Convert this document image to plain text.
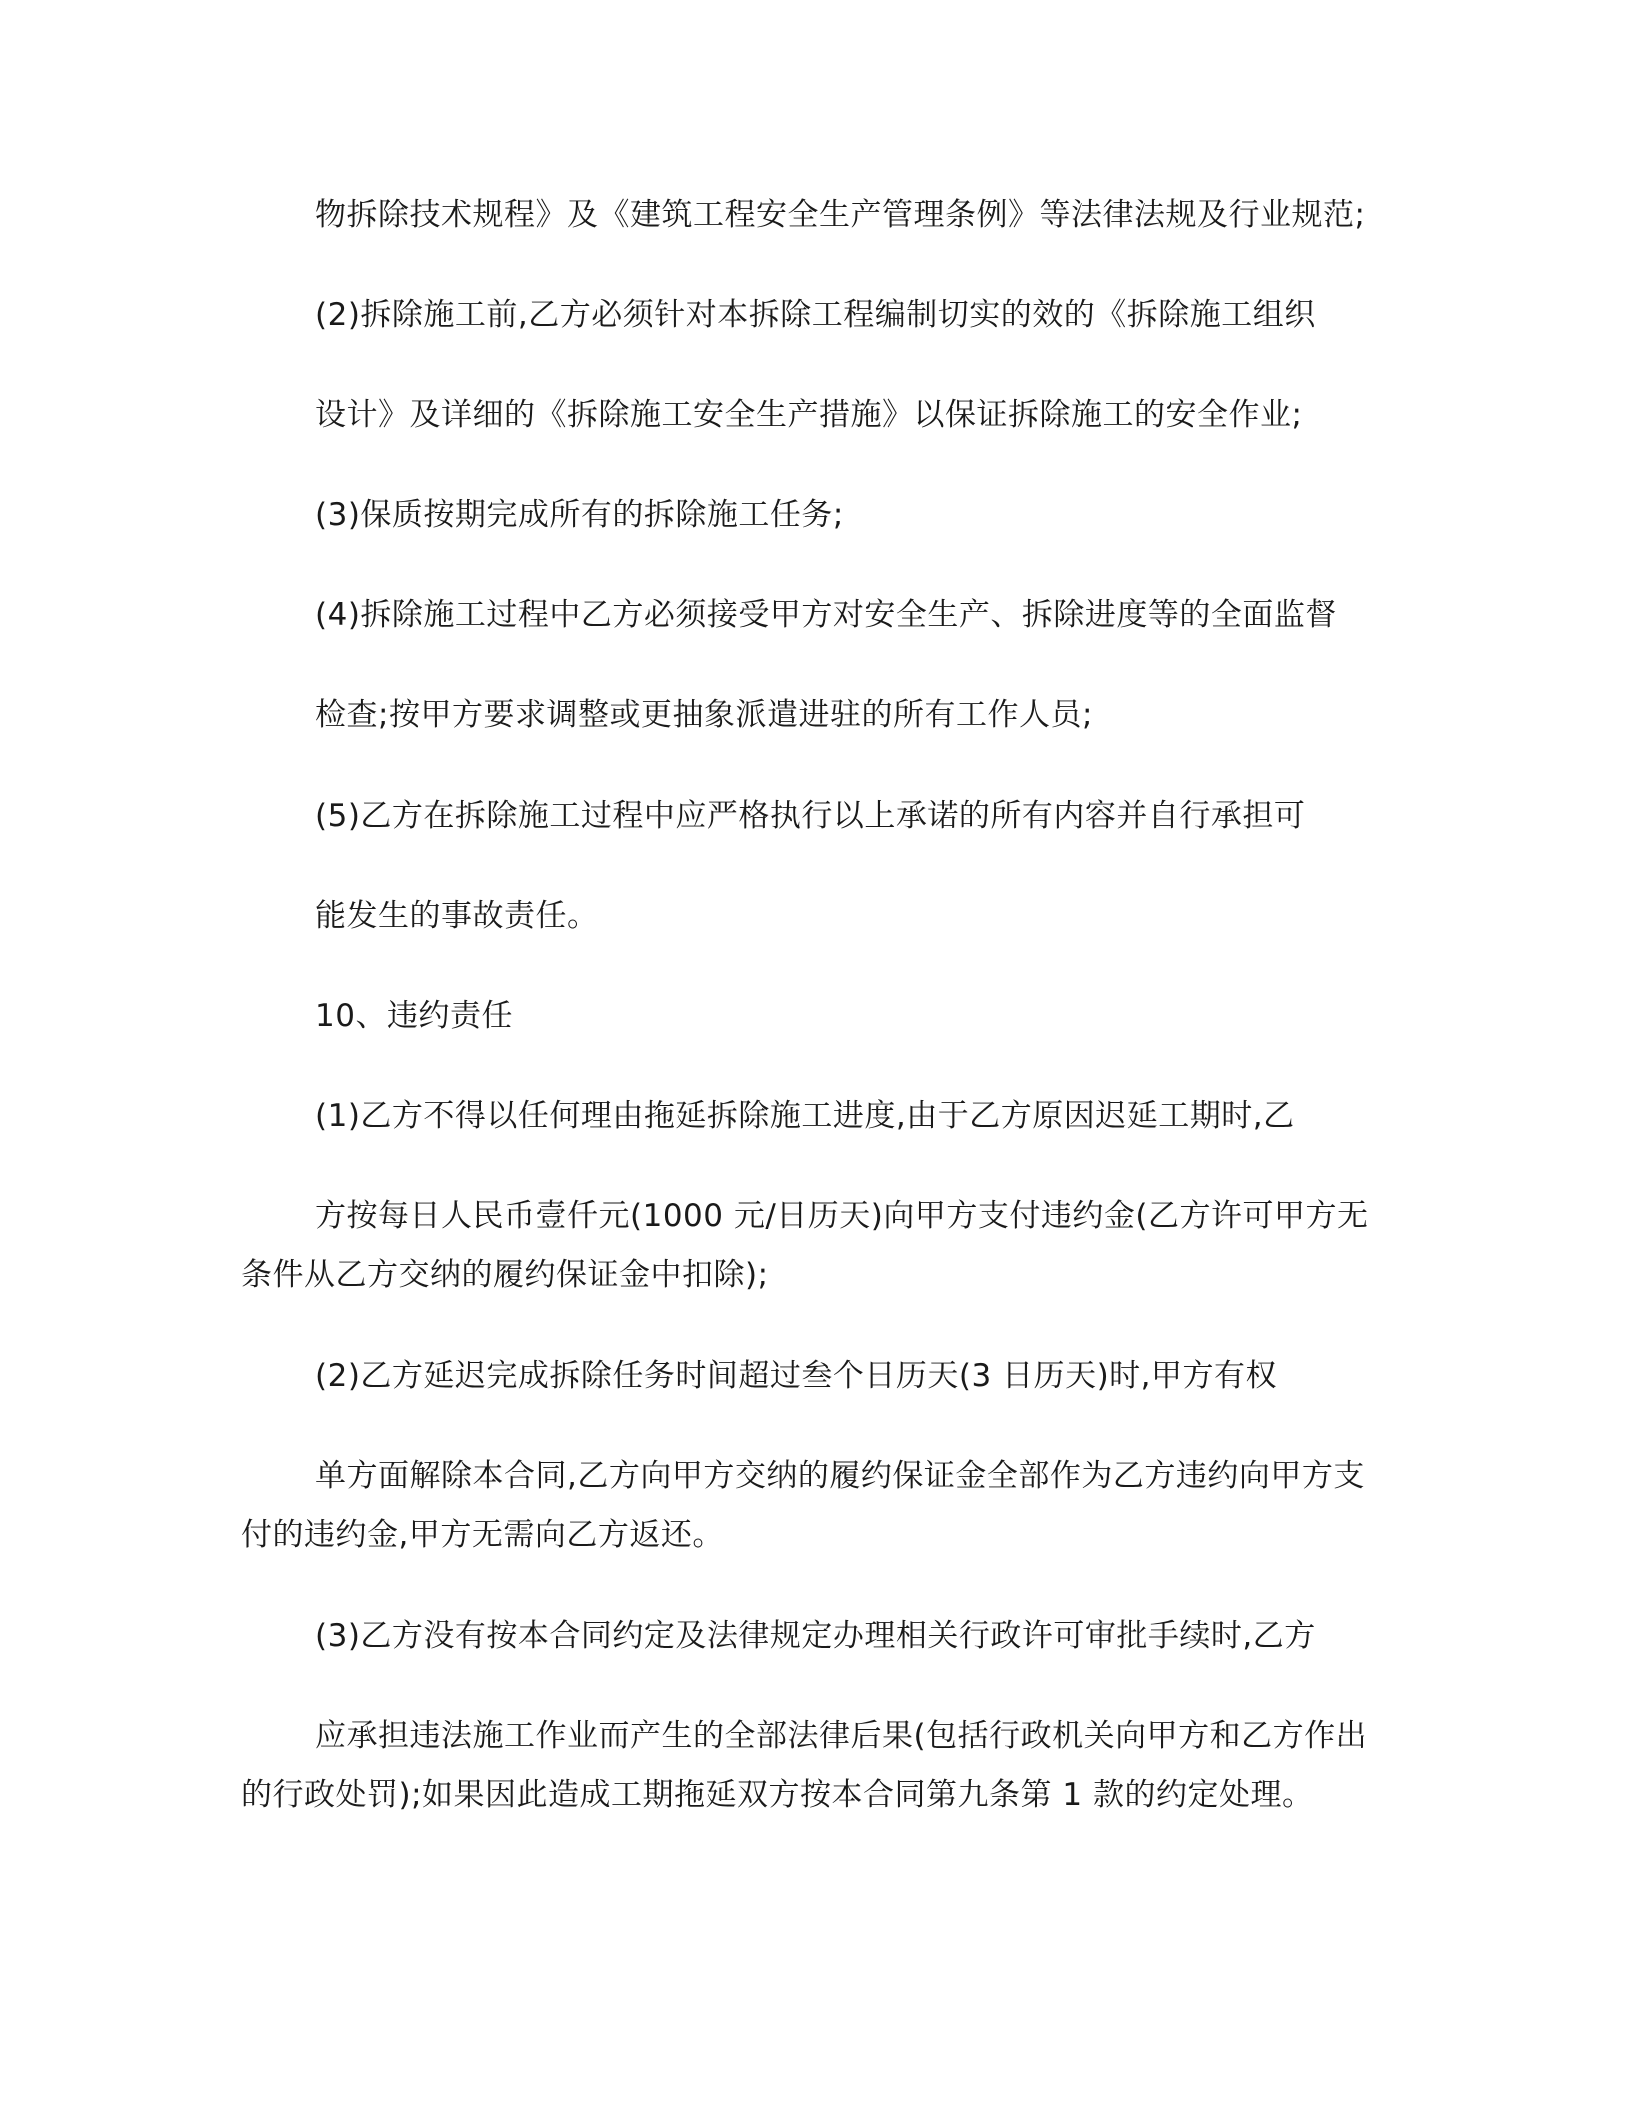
物拆除技术规程》及《建筑工程安全生产管理条例》等法律法规及行业规范;
(2)拆除施工前,乙方必须针对本拆除工程编制切实的效的《拆除施工组织
设计》及详细的《拆除施工安全生产措施》以保证拆除施工的安全作业;
(3)保质按期完成所有的拆除施工任务;
(4)拆除施工过程中乙方必须接受甲方对安全生产、拆除进度等的全面监督
检查;按甲方要求调整或更抽象派遣进驻的所有工作人员;
(5)乙方在拆除施工过程中应严格执行以上承诺的所有内容并自行承担可
能发生的事故责任。
10、违约责任
(1)乙方不得以任何理由拖延拆除施工进度,由于乙方原因迟延工期时,乙
方按每日人民币壹仟元(1000 元/日历天)向甲方支付违约金(乙方许可甲方无
条件从乙方交纳的履约保证金中扣除);
(2)乙方延迟完成拆除任务时间超过叁个日历天(3 日历天)时,甲方有权
单方面解除本合同,乙方向甲方交纳的履约保证金全部作为乙方违约向甲方支
付的违约金,甲方无需向乙方返还。
(3)乙方没有按本合同约定及法律规定办理相关行政许可审批手续时,乙方
应承担违法施工作业而产生的全部法律后果(包括行政机关向甲方和乙方作出
的行政处罚);如果因此造成工期拖延双方按本合同第九条第 1 款的约定处理。
